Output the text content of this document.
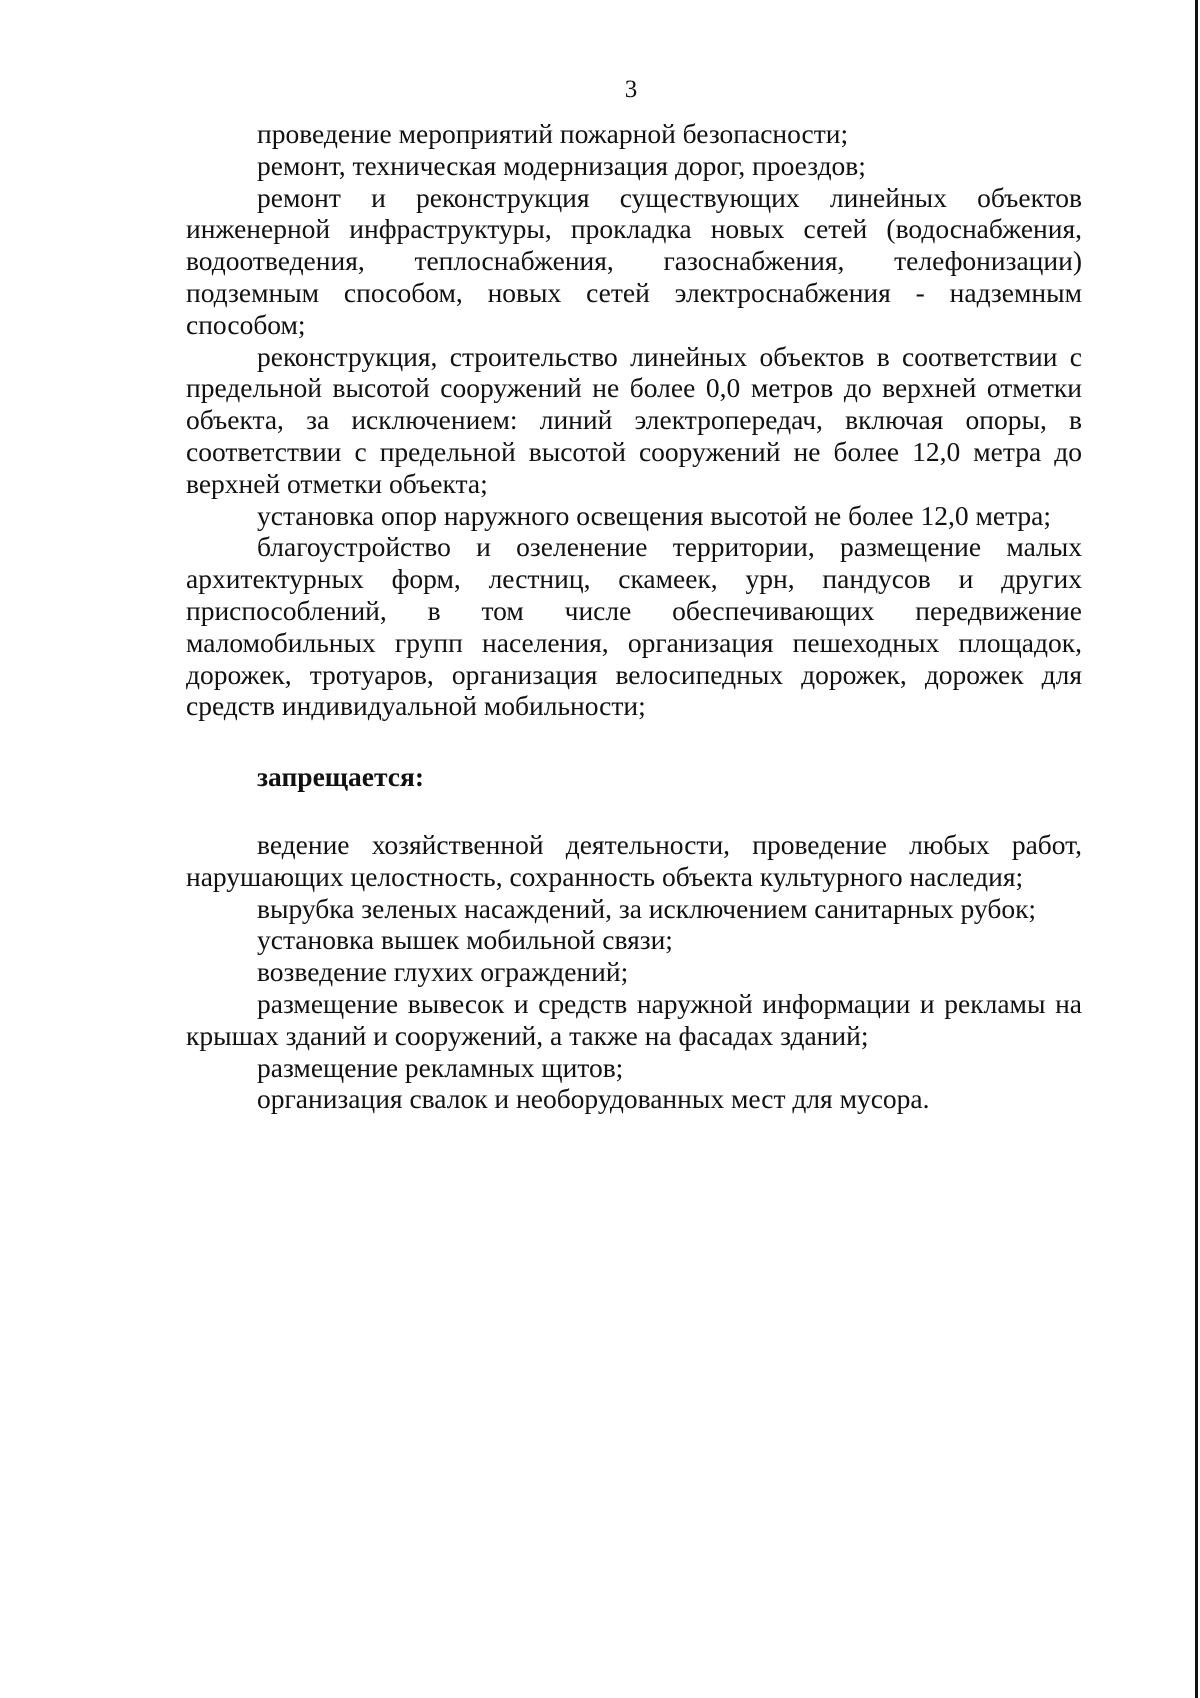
3

проведение мероприятий пожарной безопасности;

ремонт, техническая модернизация дорог, проездов;

ремонт и реконструкция существующих линейных объектов инженерной инфраструктуры, прокладка новых сетей (водоснабжения, водоотведения, теплоснабжения, газоснабжения, телефонизации) подземным способом, новых сетей электроснабжения - надземным способом;

реконструкция, строительство линейных объектов в соответствии с предельной высотой сооружений не более 0,0 метров до верхней отметки объекта, за исключением: линий электропередач, включая опоры, в соответствии с предельной высотой сооружений не более 12,0 метра до верхней отметки объекта;

установка опор наружного освещения высотой не более 12,0 метра;

благоустройство и озеленение территории, размещение малых архитектурных форм, лестниц, скамеек, урн, пандусов и других приспособлений, в том числе обеспечивающих передвижение маломобильных групп населения, организация пешеходных площадок, дорожек, тротуаров, организация велосипедных дорожек, дорожек для средств индивидуальной мобильности;

запрещается:

ведение хозяйственной деятельности, проведение любых работ, нарушающих целостность, сохранность объекта культурного наследия;

вырубка зеленых насаждений, за исключением санитарных рубок;

установка вышек мобильной связи;

возведение глухих ограждений;

размещение вывесок и средств наружной информации и рекламы на крышах зданий и сооружений, а также на фасадах зданий;

размещение рекламных щитов;

организация свалок и необорудованных мест для мусора.
